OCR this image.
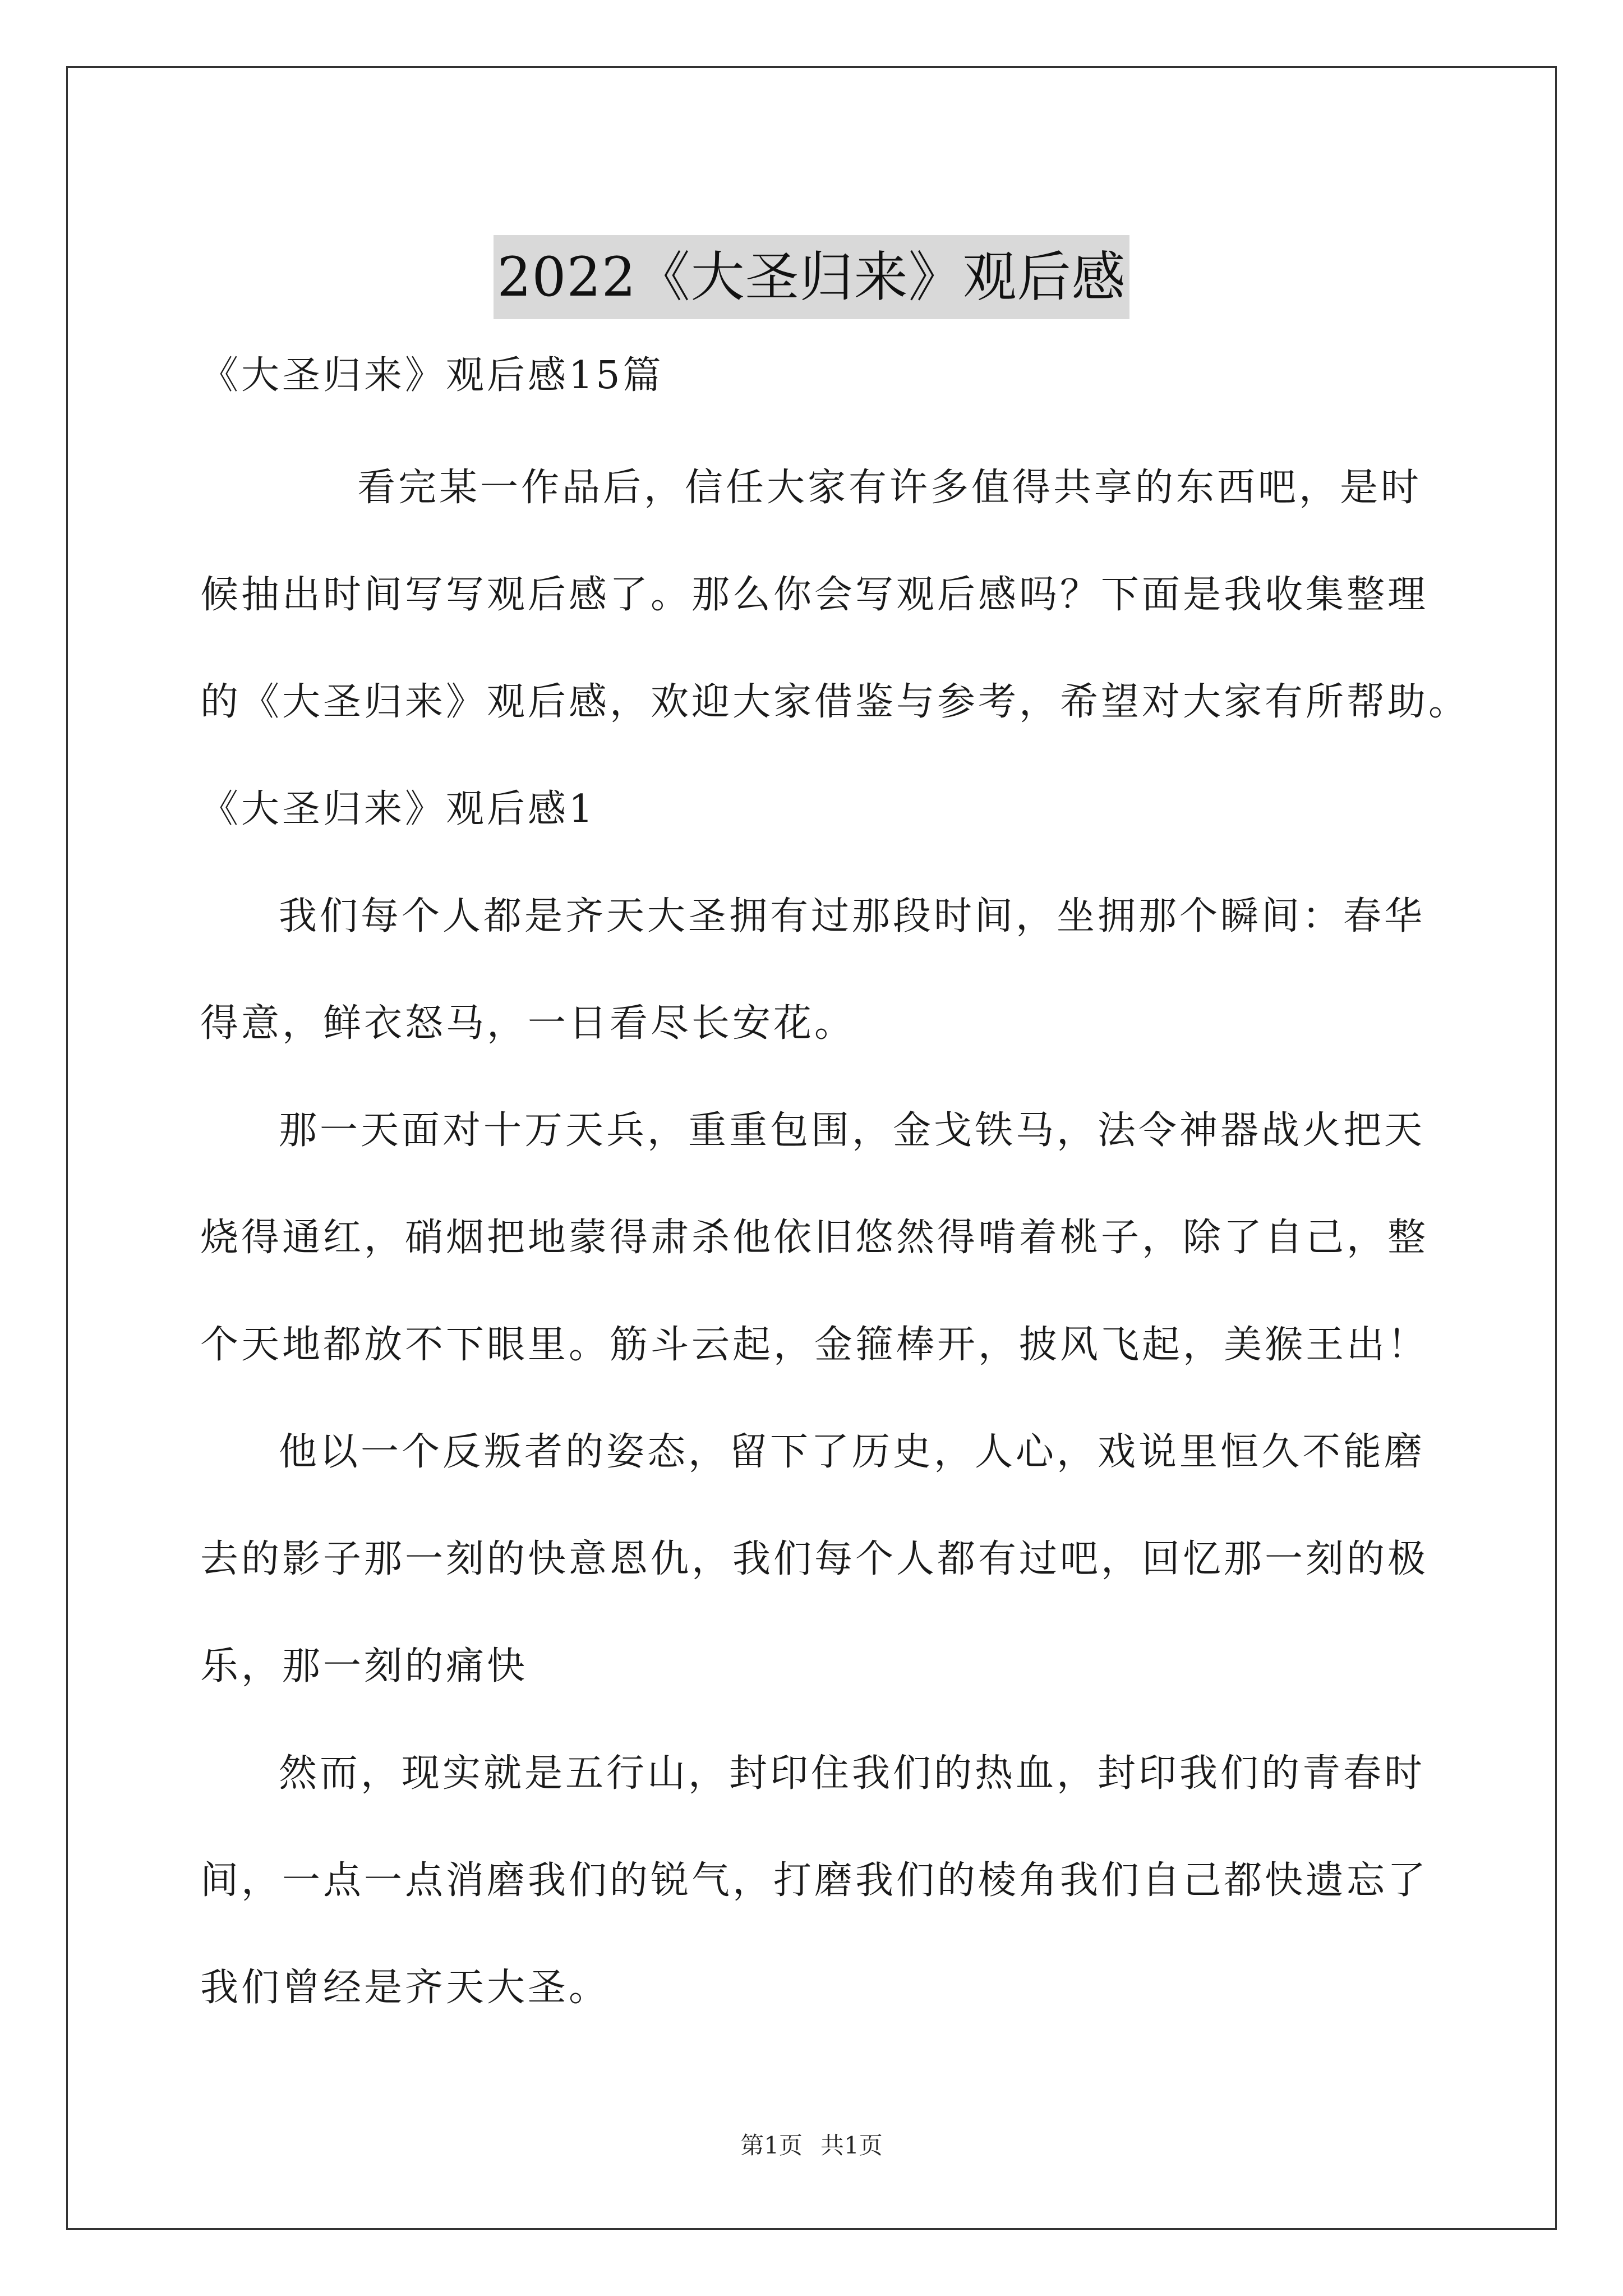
2022《大圣归来》观后感
《大圣归来》观后感15篇
看完某一作品后，信任大家有许多值得共享的东西吧，是时
候抽出时间写写观后感了。那么你会写观后感吗？下面是我收集整理
的《大圣归来》观后感，欢迎大家借鉴与参考，希望对大家有所帮助。
《大圣归来》观后感1
我们每个人都是齐天大圣拥有过那段时间，坐拥那个瞬间：春华
得意，鲜衣怒马，一日看尽长安花。
那一天面对十万天兵，重重包围，金戈铁马，法令神器战火把天
烧得通红，硝烟把地蒙得肃杀他依旧悠然得啃着桃子，除了自己，整
个天地都放不下眼里。筋斗云起，金箍棒开，披风飞起，美猴王出！
他以一个反叛者的姿态，留下了历史，人心，戏说里恒久不能磨
去的影子那一刻的快意恩仇，我们每个人都有过吧，回忆那一刻的极
乐，那一刻的痛快
然而，现实就是五行山，封印住我们的热血，封印我们的青春时
间，一点一点消磨我们的锐气，打磨我们的棱角我们自己都快遗忘了
我们曾经是齐天大圣。
第1页 共1页
